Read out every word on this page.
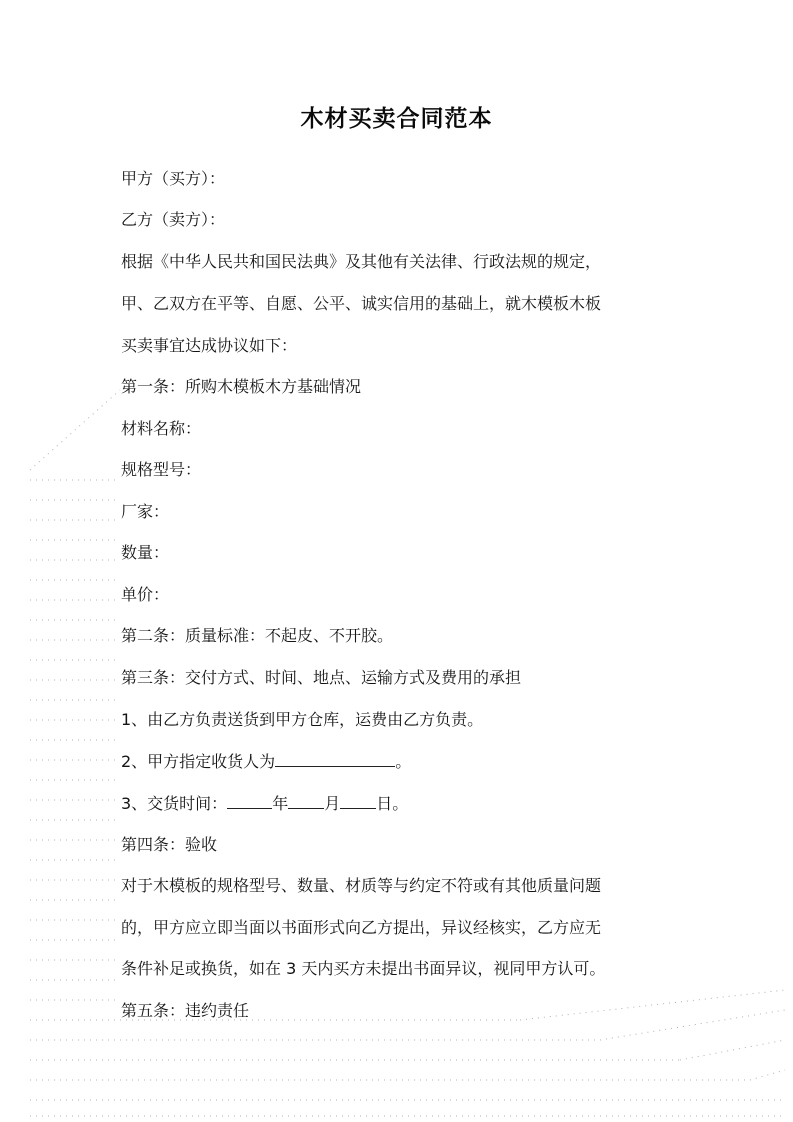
木材买卖合同范本
甲方（买方）：
乙方（卖方）：
根据《中华人民共和国民法典》及其他有关法律、行政法规的规定，
甲、乙双方在平等、自愿、公平、诚实信用的基础上，就木模板木板
买卖事宜达成协议如下：
第一条：所购木模板木方基础情况
材料名称：
规格型号：
厂家：
数量：
单价：
第二条：质量标准：不起皮、不开胶。
第三条：交付方式、时间、地点、运输方式及费用的承担
1、由乙方负责送货到甲方仓库，运费由乙方负责。
2、甲方指定收货人为	。
3、交货时间：	年 月 日。
第四条：验收
对于木模板的规格型号、数量、材质等与约定不符或有其他质量问题
的，甲方应立即当面以书面形式向乙方提出，异议经核实，乙方应无
条件补足或换货，如在 3 天内买方未提出书面异议，视同甲方认可。
第五条：违约责任
